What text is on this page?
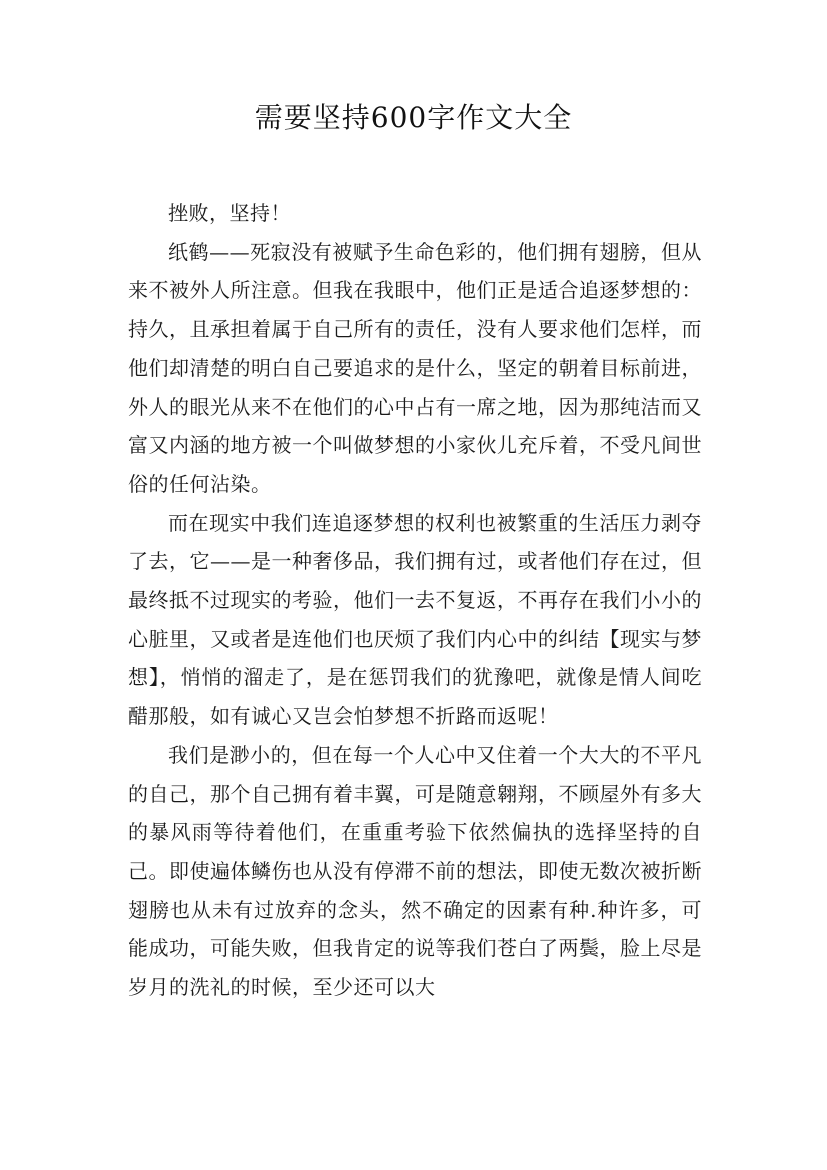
需要坚持600字作文大全

挫败，坚持！

纸鹤——死寂没有被赋予生命色彩的，他们拥有翅膀，但从来不被外人所注意。但我在我眼中，他们正是适合追逐梦想的：持久，且承担着属于自己所有的责任，没有人要求他们怎样，而他们却清楚的明白自己要追求的是什么，坚定的朝着目标前进，外人的眼光从来不在他们的心中占有一席之地，因为那纯洁而又富又内涵的地方被一个叫做梦想的小家伙儿充斥着，不受凡间世俗的任何沾染。

而在现实中我们连追逐梦想的权利也被繁重的生活压力剥夺了去，它——是一种奢侈品，我们拥有过，或者他们存在过，但最终抵不过现实的考验，他们一去不复返，不再存在我们小小的心脏里，又或者是连他们也厌烦了我们内心中的纠结【现实与梦想】，悄悄的溜走了，是在惩罚我们的犹豫吧，就像是情人间吃醋那般，如有诚心又岂会怕梦想不折路而返呢！

我们是渺小的，但在每一个人心中又住着一个大大的不平凡的自己，那个自己拥有着丰翼，可是随意翱翔，不顾屋外有多大的暴风雨等待着他们，在重重考验下依然偏执的选择坚持的自己。即使遍体鳞伤也从没有停滞不前的想法，即使无数次被折断翅膀也从未有过放弃的念头，然不确定的因素有种.种许多，可能成功，可能失败，但我肯定的说等我们苍白了两鬓，脸上尽是岁月的洗礼的时候，至少还可以大
